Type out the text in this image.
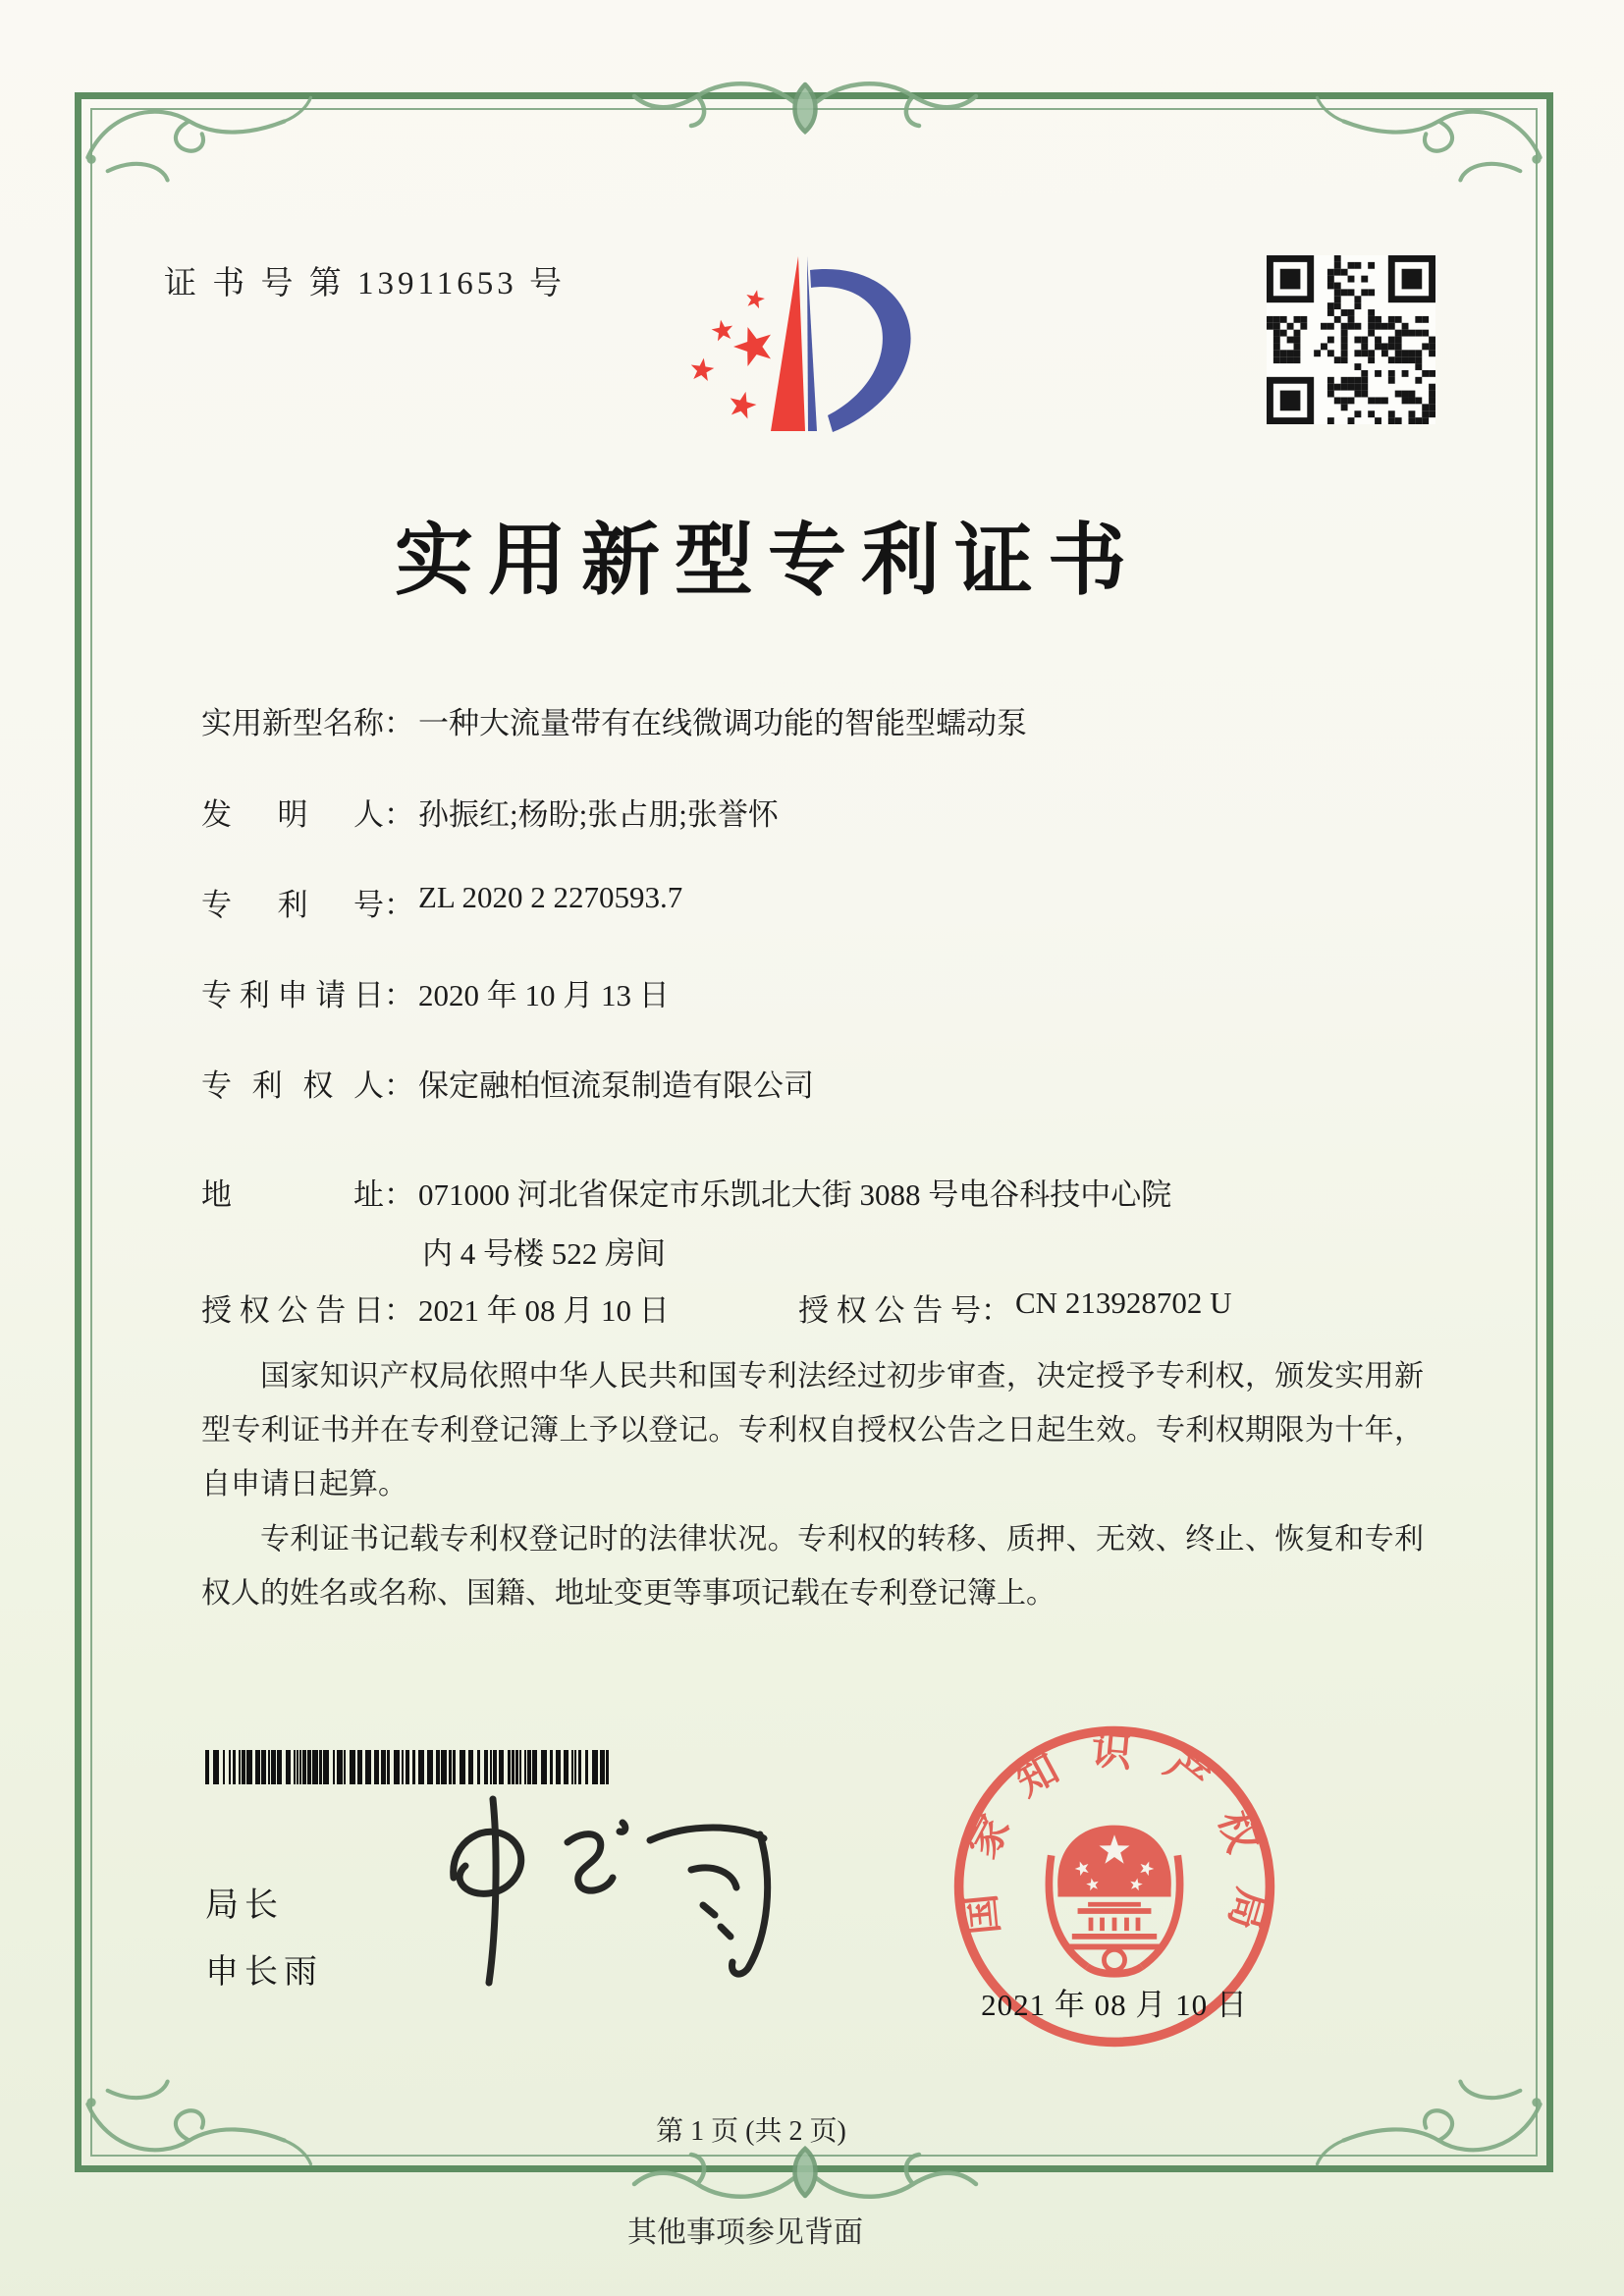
证 书 号 第 13911653 号
实用新型专利证书
实用新型名称： 一种大流量带有在线微调功能的智能型蠕动泵
发明人： 孙振红;杨盼;张占朋;张誉怀
专利号： ZL 2020 2 2270593.7
专利申请日： 2020 年 10 月 13 日
专利权人： 保定融柏恒流泵制造有限公司
地址： 071000 河北省保定市乐凯北大街 3088 号电谷科技中心院
内 4 号楼 522 房间
授权公告日： 2021 年 08 月 10 日	授权公告号： CN 213928702 U

国家知识产权局依照中华人民共和国专利法经过初步审查，决定授予专利权，颁发实用新型专利证书并在专利登记簿上予以登记。专利权自授权公告之日起生效。专利权期限为十年，自申请日起算。

专利证书记载专利权登记时的法律状况。专利权的转移、质押、无效、终止、恢复和专利权人的姓名或名称、国籍、地址变更等事项记载在专利登记簿上。

局长
申长雨
国家知识产权局
2021 年 08 月 10 日
第 1 页 (共 2 页)
其他事项参见背面
